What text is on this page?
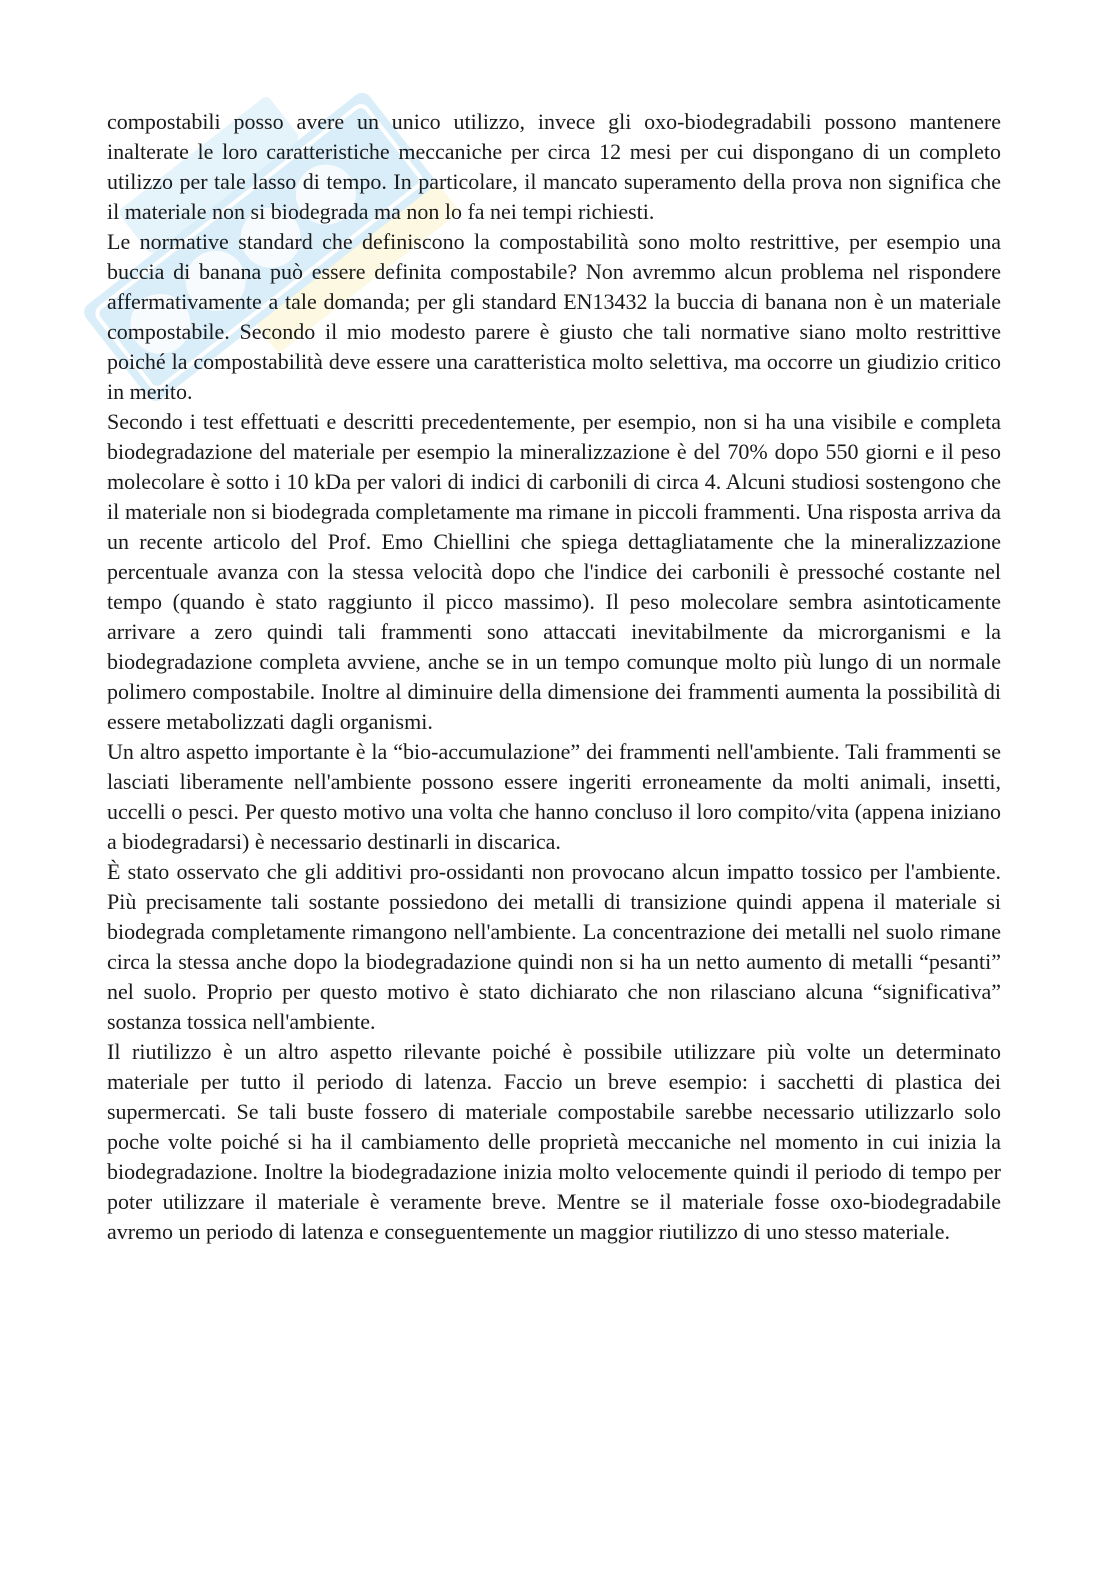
compostabili posso avere un unico utilizzo, invece gli oxo-biodegradabili possono mantenere inalterate le loro caratteristiche meccaniche per circa 12 mesi per cui dispongano di un completo utilizzo per tale lasso di tempo. In particolare, il mancato superamento della prova non significa che il materiale non si biodegrada ma non lo fa nei tempi richiesti.

Le normative standard che definiscono la compostabilità sono molto restrittive, per esempio una buccia di banana può essere definita compostabile? Non avremmo alcun problema nel rispondere affermativamente a tale domanda; per gli standard EN13432 la buccia di banana non è un materiale compostabile. Secondo il mio modesto parere è giusto che tali normative siano molto restrittive poiché la compostabilità deve essere una caratteristica molto selettiva, ma occorre un giudizio critico in merito.

Secondo i test effettuati e descritti precedentemente, per esempio, non si ha una visibile e completa biodegradazione del materiale per esempio la mineralizzazione è del 70% dopo 550 giorni e il peso molecolare è sotto i 10 kDa per valori di indici di carbonili di circa 4. Alcuni studiosi sostengono che il materiale non si biodegrada completamente ma rimane in piccoli frammenti. Una risposta arriva da un recente articolo del Prof. Emo Chiellini che spiega dettagliatamente che la mineralizzazione percentuale avanza con la stessa velocità dopo che l'indice dei carbonili è pressoché costante nel tempo (quando è stato raggiunto il picco massimo). Il peso molecolare sembra asintoticamente arrivare a zero quindi tali frammenti sono attaccati inevitabilmente da microrganismi e la biodegradazione completa avviene, anche se in un tempo comunque molto più lungo di un normale polimero compostabile. Inoltre al diminuire della dimensione dei frammenti aumenta la possibilità di essere metabolizzati dagli organismi.

Un altro aspetto importante è la “bio-accumulazione” dei frammenti nell'ambiente. Tali frammenti se lasciati liberamente nell'ambiente possono essere ingeriti erroneamente da molti animali, insetti, uccelli o pesci. Per questo motivo una volta che hanno concluso il loro compito/vita (appena iniziano a biodegradarsi) è necessario destinarli in discarica.

È stato osservato che gli additivi pro-ossidanti non provocano alcun impatto tossico per l'ambiente. Più precisamente tali sostante possiedono dei metalli di transizione quindi appena il materiale si biodegrada completamente rimangono nell'ambiente. La concentrazione dei metalli nel suolo rimane circa la stessa anche dopo la biodegradazione quindi non si ha un netto aumento di metalli “pesanti” nel suolo. Proprio per questo motivo è stato dichiarato che non rilasciano alcuna “significativa” sostanza tossica nell'ambiente.

Il riutilizzo è un altro aspetto rilevante poiché è possibile utilizzare più volte un determinato materiale per tutto il periodo di latenza. Faccio un breve esempio: i sacchetti di plastica dei supermercati. Se tali buste fossero di materiale compostabile sarebbe necessario utilizzarlo solo poche volte poiché si ha il cambiamento delle proprietà meccaniche nel momento in cui inizia la biodegradazione. Inoltre la biodegradazione inizia molto velocemente quindi il periodo di tempo per poter utilizzare il materiale è veramente breve. Mentre se il materiale fosse oxo-biodegradabile avremo un periodo di latenza e conseguentemente un maggior riutilizzo di uno stesso materiale.
